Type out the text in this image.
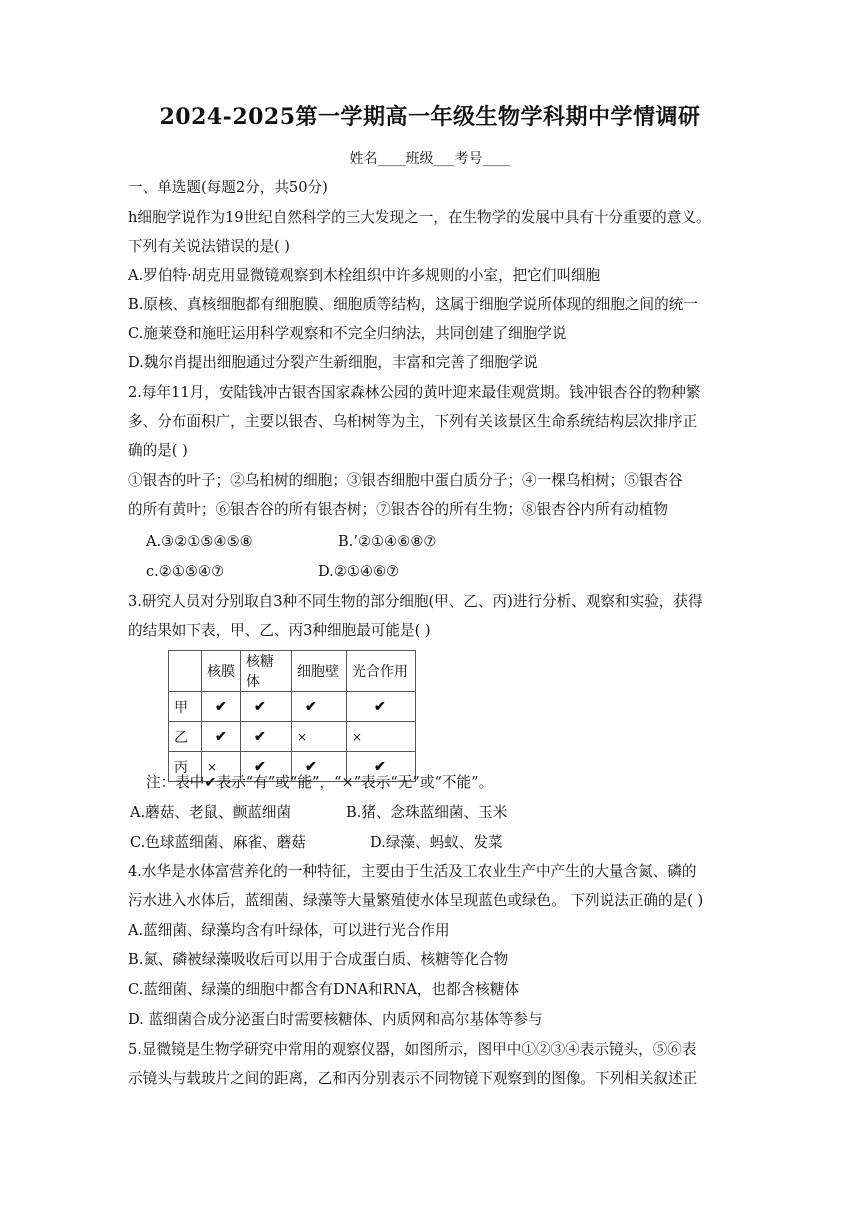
2024-2025第一学期高一年级生物学科期中学情调研
姓名____班级___考号____
一、单选题(每题2分，共50分)
h细胞学说作为19世纪自然科学的三大发现之一，在生物学的发展中具有十分重要的意义。
下列有关说法错误的是( )
A.罗伯特·胡克用显微镜观察到木栓组织中许多规则的小室，把它们叫细胞
B.原核、真核细胞都有细胞膜、细胞质等结构，这属于细胞学说所体现的细胞之间的统一
C.施莱登和施旺运用科学观察和不完全归纳法，共同创建了细胞学说
D.魏尔肖提出细胞通过分裂产生新细胞，丰富和完善了细胞学说
2.每年11月，安陆钱冲古银杏国家森林公园的黄叶迎来最佳观赏期。钱冲银杏谷的物种繁
多、分布面积广，主要以银杏、乌桕树等为主，下列有关该景区生命系统结构层次排序正
确的是( )
①银杏的叶子；②乌桕树的细胞；③银杏细胞中蛋白质分子；④一棵乌桕树；⑤银杏谷
的所有黄叶；⑥银杏谷的所有银杏树；⑦银杏谷的所有生物；⑧银杏谷内所有动植物
A.③②①⑤④⑤⑧	B.’②①④⑥⑧⑦
c.②①⑤④⑦	D.②①④⑥⑦
3.研究人员对分别取自3种不同生物的部分细胞(甲、乙、丙)进行分析、观察和实验，获得
的结果如下表，甲、乙、丙3种细胞最可能是( )
	核膜	核糖体	细胞壁	光合作用
甲	✔	✔	✔	✔
乙	✔	✔	×	×
丙	×	✔	✔	✔
注：表中✔表示“有”或“能”，“×”表示“无”或“不能”。
A.蘑菇、老鼠、颤蓝细菌	B.猪、念珠蓝细菌、玉米
C.色球蓝细菌、麻雀、蘑菇	D.绿藻、蚂蚁、发菜
4.水华是水体富营养化的一种特征，主要由于生活及工农业生产中产生的大量含氮、磷的
污水进入水体后，蓝细菌、绿藻等大量繁殖使水体呈现蓝色或绿色。 下列说法正确的是( )
A.蓝细菌、绿藻均含有叶绿体，可以进行光合作用
B.氮、磷被绿藻吸收后可以用于合成蛋白质、核糖等化合物
C.蓝细菌、绿藻的细胞中都含有DNA和RNA，也都含核糖体
D. 蓝细菌合成分泌蛋白时需要核糖体、内质网和高尔基体等参与
5.显微镜是生物学研究中常用的观察仪器，如图所示，图甲中①②③④表示镜头，⑤⑥表
示镜头与载玻片之间的距离，乙和丙分别表示不同物镜下观察到的图像。下列相关叙述正
